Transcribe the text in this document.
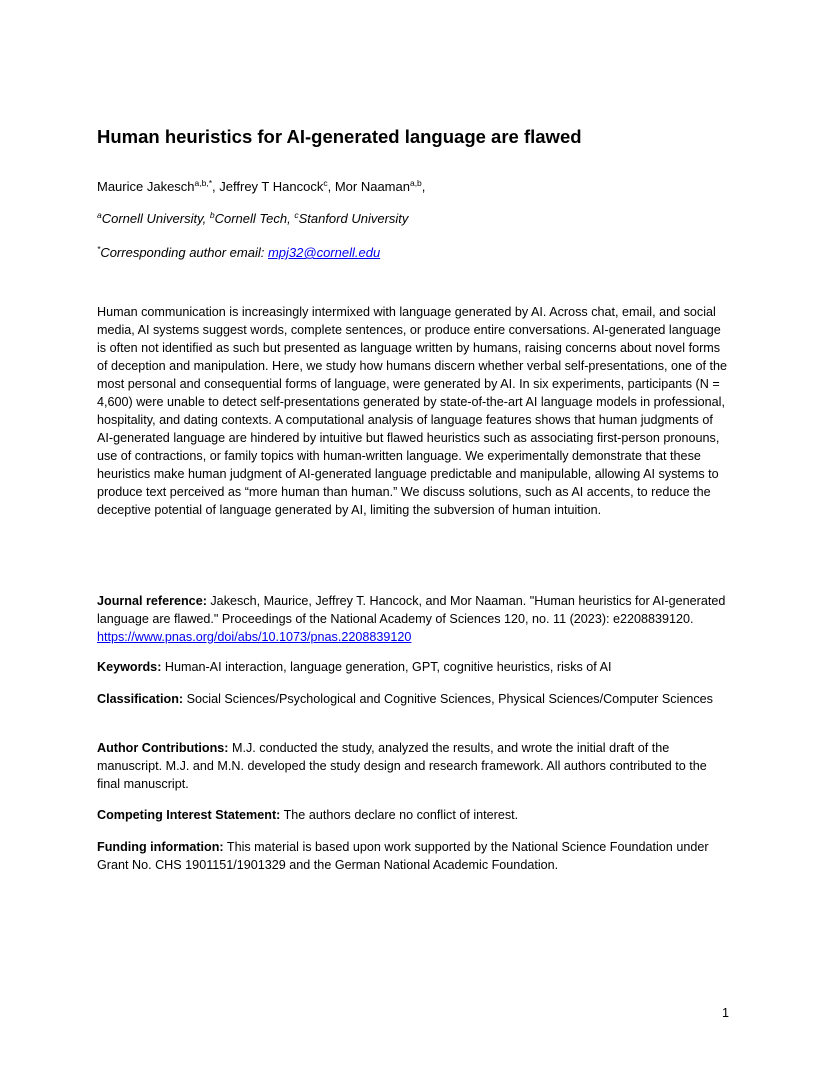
Human heuristics for AI-generated language are flawed
Maurice Jakesch$^{a,b,*}$, Jeffrey T Hancock$^c$, Mor Naaman$^{a,b}$,
$^a$Cornell University, $^b$Cornell Tech, $^c$Stanford University
*Corresponding author email: mpj32@cornell.edu

Human communication is increasingly intermixed with language generated by AI. Across chat, email, and social media, AI systems suggest words, complete sentences, or produce entire conversations. AI-generated language is often not identified as such but presented as language written by humans, raising concerns about novel forms of deception and manipulation. Here, we study how humans discern whether verbal self-presentations, one of the most personal and consequential forms of language, were generated by AI. In six experiments, participants (N = 4,600) were unable to detect self-presentations generated by state-of-the-art AI language models in professional, hospitality, and dating contexts. A computational analysis of language features shows that human judgments of AI-generated language are hindered by intuitive but flawed heuristics such as associating first-person pronouns, use of contractions, or family topics with human-written language. We experimentally demonstrate that these heuristics make human judgment of AI-generated language predictable and manipulable, allowing AI systems to produce text perceived as “more human than human.” We discuss solutions, such as AI accents, to reduce the deceptive potential of language generated by AI, limiting the subversion of human intuition.

Journal reference: Jakesch, Maurice, Jeffrey T. Hancock, and Mor Naaman. "Human heuristics for AI-generated language are flawed." Proceedings of the National Academy of Sciences 120, no. 11 (2023): e2208839120. https://www.pnas.org/doi/abs/10.1073/pnas.2208839120

Keywords: Human-AI interaction, language generation, GPT, cognitive heuristics, risks of AI

Classification: Social Sciences/Psychological and Cognitive Sciences, Physical Sciences/Computer Sciences

Author Contributions: M.J. conducted the study, analyzed the results, and wrote the initial draft of the manuscript. M.J. and M.N. developed the study design and research framework. All authors contributed to the final manuscript.

Competing Interest Statement: The authors declare no conflict of interest.

Funding information: This material is based upon work supported by the National Science Foundation under Grant No. CHS 1901151/1901329 and the German National Academic Foundation.

1
